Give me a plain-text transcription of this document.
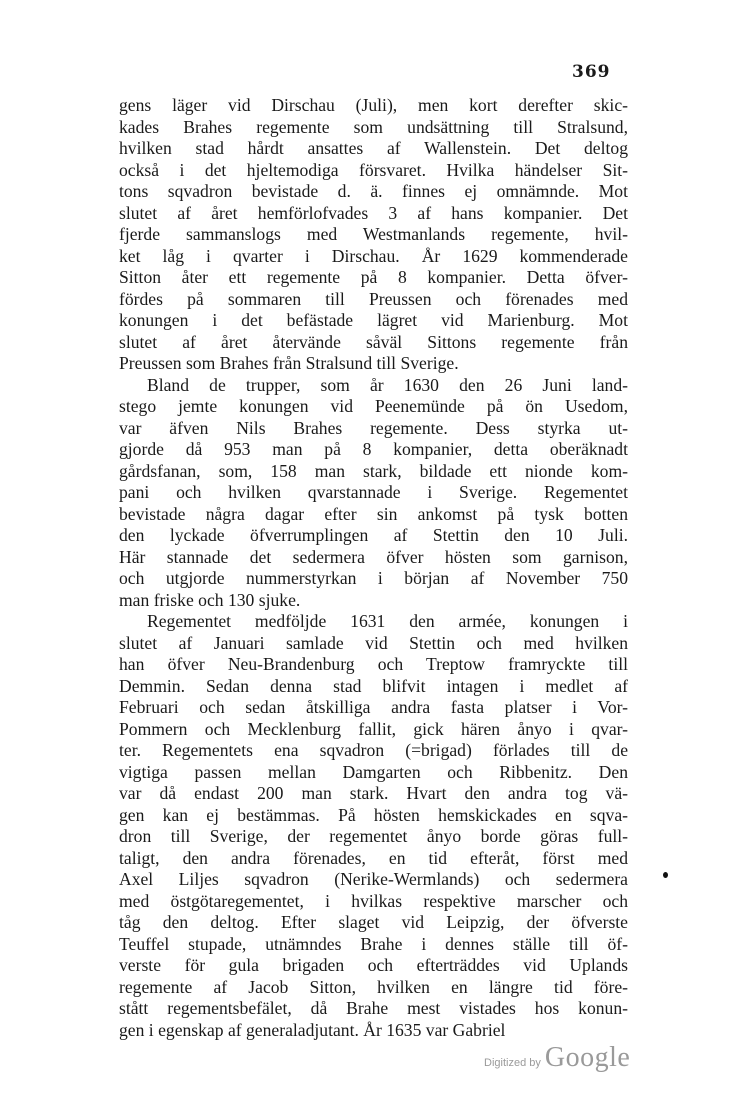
369
gens läger vid Dirschau (Juli), men kort derefter skic-
kades Brahes regemente som undsättning till Stralsund,
hvilken stad hårdt ansattes af Wallenstein. Det deltog
också i det hjeltemodiga försvaret. Hvilka händelser Sit-
tons sqvadron bevistade d. ä. finnes ej omnämnde. Mot
slutet af året hemförlofvades 3 af hans kompanier. Det
fjerde sammanslogs med Westmanlands regemente, hvil-
ket låg i qvarter i Dirschau. År 1629 kommenderade
Sitton åter ett regemente på 8 kompanier. Detta öfver-
fördes på sommaren till Preussen och förenades med
konungen i det befästade lägret vid Marienburg. Mot
slutet af året återvände såväl Sittons regemente från
Preussen som Brahes från Stralsund till Sverige.
Bland de trupper, som år 1630 den 26 Juni land-
stego jemte konungen vid Peenemünde på ön Usedom,
var äfven Nils Brahes regemente. Dess styrka ut-
gjorde då 953 man på 8 kompanier, detta oberäknadt
gårdsfanan, som, 158 man stark, bildade ett nionde kom-
pani och hvilken qvarstannade i Sverige. Regementet
bevistade några dagar efter sin ankomst på tysk botten
den lyckade öfverrumplingen af Stettin den 10 Juli.
Här stannade det sedermera öfver hösten som garnison,
och utgjorde nummerstyrkan i början af November 750
man friske och 130 sjuke.
Regementet medföljde 1631 den armée, konungen i
slutet af Januari samlade vid Stettin och med hvilken
han öfver Neu-Brandenburg och Treptow framryckte till
Demmin. Sedan denna stad blifvit intagen i medlet af
Februari och sedan åtskilliga andra fasta platser i Vor-
Pommern och Mecklenburg fallit, gick hären ånyo i qvar-
ter. Regementets ena sqvadron (=brigad) förlades till de
vigtiga passen mellan Damgarten och Ribbenitz. Den
var då endast 200 man stark. Hvart den andra tog vä-
gen kan ej bestämmas. På hösten hemskickades en sqva-
dron till Sverige, der regementet ånyo borde göras full-
taligt, den andra förenades, en tid efteråt, först med
Axel Liljes sqvadron (Nerike-Wermlands) och sedermera
med östgötaregementet, i hvilkas respektive marscher och
tåg den deltog. Efter slaget vid Leipzig, der öfverste
Teuffel stupade, utnämndes Brahe i dennes ställe till öf-
verste för gula brigaden och efterträddes vid Uplands
regemente af Jacob Sitton, hvilken en längre tid före-
stått regementsbefälet, då Brahe mest vistades hos konun-
gen i egenskap af generaladjutant. År 1635 var Gabriel
Digitized by Google
